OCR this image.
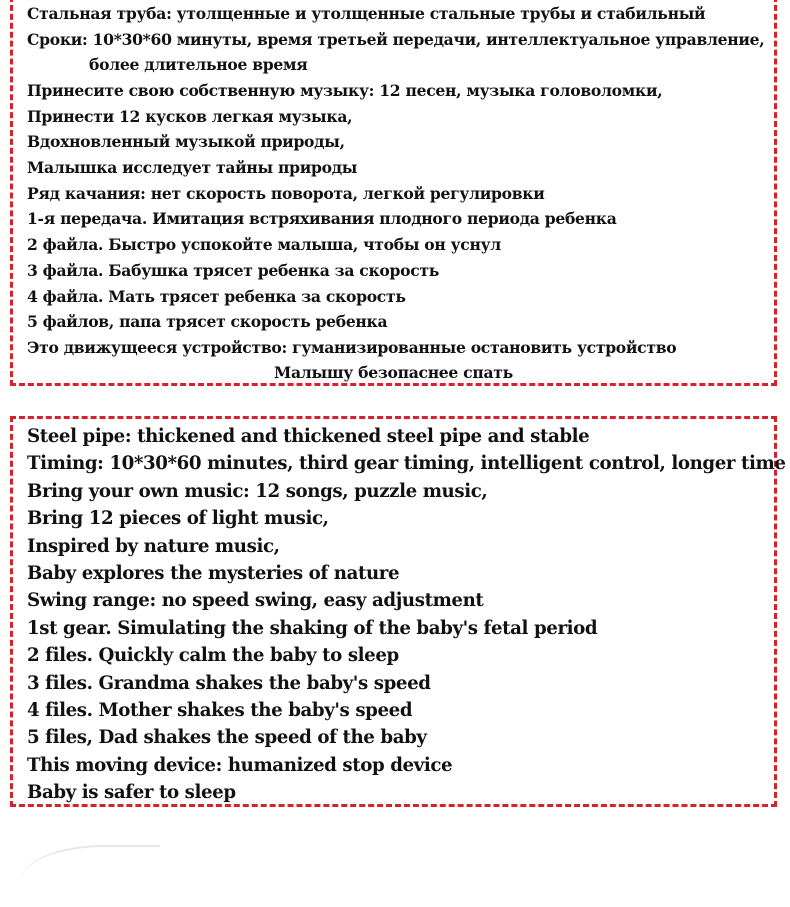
Стальная труба: утолщенные и утолщенные стальные трубы и стабильный
Сроки: 10*30*60 минуты, время третьей передачи, интеллектуальное управление,
более длительное время
Принесите свою собственную музыку: 12 песен, музыка головоломки,
Принести 12 кусков легкая музыка,
Вдохновленный музыкой природы,
Малышка исследует тайны природы
Ряд качания: нет скорость поворота, легкой регулировки
1-я передача. Имитация встряхивания плодного периода ребенка
2 файла. Быстро успокойте малыша, чтобы он уснул
3 файла. Бабушка трясет ребенка за скорость
4 файла. Мать трясет ребенка за скорость
5 файлов, папа трясет скорость ребенка
Это движущееся устройство: гуманизированные остановить устройство
Малышу безопаснее спать
Steel pipe: thickened and thickened steel pipe and stable
Timing: 10*30*60 minutes, third gear timing, intelligent control, longer time
Bring your own music: 12 songs, puzzle music,
Bring 12 pieces of light music,
Inspired by nature music,
Baby explores the mysteries of nature
Swing range: no speed swing, easy adjustment
1st gear. Simulating the shaking of the baby's fetal period
2 files. Quickly calm the baby to sleep
3 files. Grandma shakes the baby's speed
4 files. Mother shakes the baby's speed
5 files, Dad shakes the speed of the baby
This moving device: humanized stop device
Baby is safer to sleep
